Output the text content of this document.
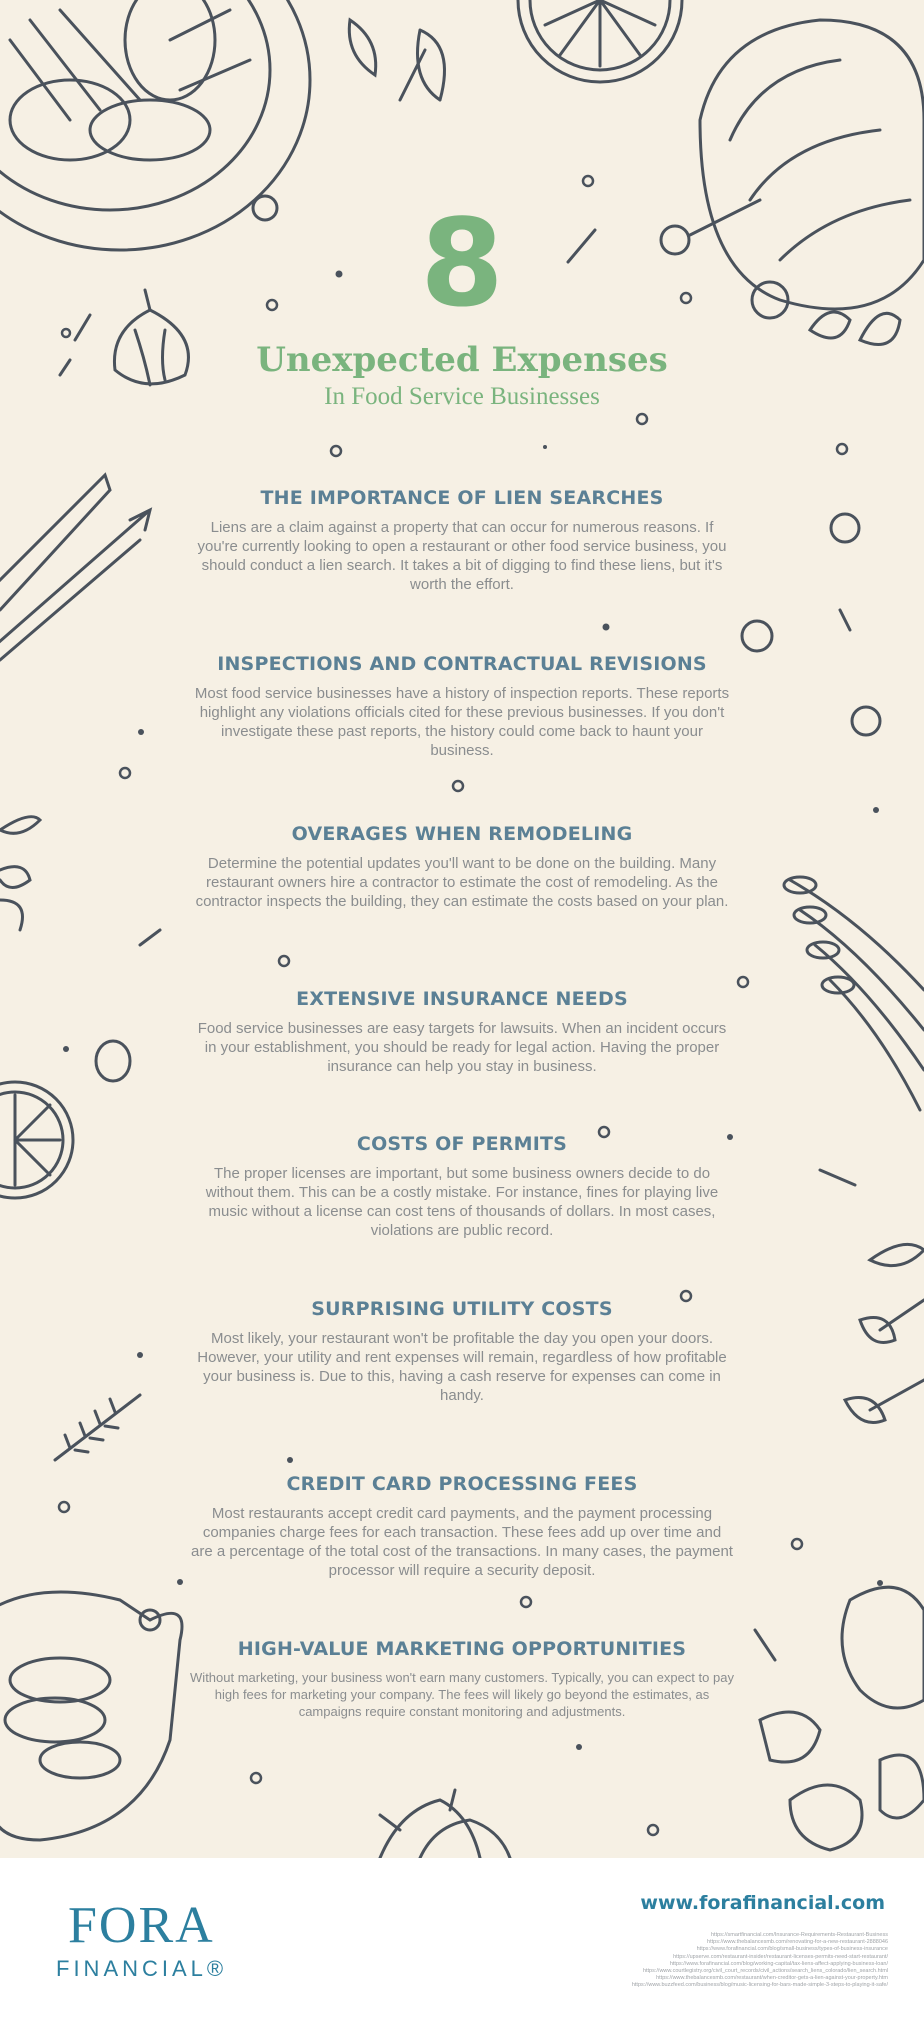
8
Unexpected Expenses
In Food Service Businesses
THE IMPORTANCE OF LIEN SEARCHES

Liens are a claim against a property that can occur for numerous reasons. If you're currently looking to open a restaurant or other food service business, you should conduct a lien search. It takes a bit of digging to find these liens, but it's worth the effort.

INSPECTIONS AND CONTRACTUAL REVISIONS

Most food service businesses have a history of inspection reports. These reports highlight any violations officials cited for these previous businesses. If you don't investigate these past reports, the history could come back to haunt your business.

OVERAGES WHEN REMODELING

Determine the potential updates you'll want to be done on the building. Many restaurant owners hire a contractor to estimate the cost of remodeling. As the contractor inspects the building, they can estimate the costs based on your plan.

EXTENSIVE INSURANCE NEEDS

Food service businesses are easy targets for lawsuits. When an incident occurs in your establishment, you should be ready for legal action. Having the proper insurance can help you stay in business.

COSTS OF PERMITS

The proper licenses are important, but some business owners decide to do without them. This can be a costly mistake. For instance, fines for playing live music without a license can cost tens of thousands of dollars. In most cases, violations are public record.

SURPRISING UTILITY COSTS

Most likely, your restaurant won't be profitable the day you open your doors. However, your utility and rent expenses will remain, regardless of how profitable your business is. Due to this, having a cash reserve for expenses can come in handy.

CREDIT CARD PROCESSING FEES

Most restaurants accept credit card payments, and the payment processing companies charge fees for each transaction. These fees add up over time and are a percentage of the total cost of the transactions. In many cases, the payment processor will require a security deposit.

HIGH-VALUE MARKETING OPPORTUNITIES

Without marketing, your business won't earn many customers. Typically, you can expect to pay high fees for marketing your company. The fees will likely go beyond the estimates, as campaigns require constant monitoring and adjustments.

FORA
FINANCIAL®
www.forafinancial.com
https://smartfinancial.com/Insurance-Requirements-Restaurant-Business
https://www.thebalancesmb.com/renovating-for-a-new-restaurant-2888046
https://www.forafinancial.com/blog/small-business/types-of-business-insurance
https://upserve.com/restaurant-insider/restaurant-licenses-permits-need-start-restaurant/
https://www.forafinancial.com/blog/working-capital/tax-liens-affect-applying-business-loan/
https://www.courtlegistry.org/civil_court_records/civil_actions/search_liens_colorado/lien_search.html
https://www.thebalancesmb.com/restaurant/when-creditor-gets-a-lien-against-your-property.htm
https://www.buzzfeed.com/business/blog/music-licensing-for-bars-made-simple-3-steps-to-playing-it-safe/
